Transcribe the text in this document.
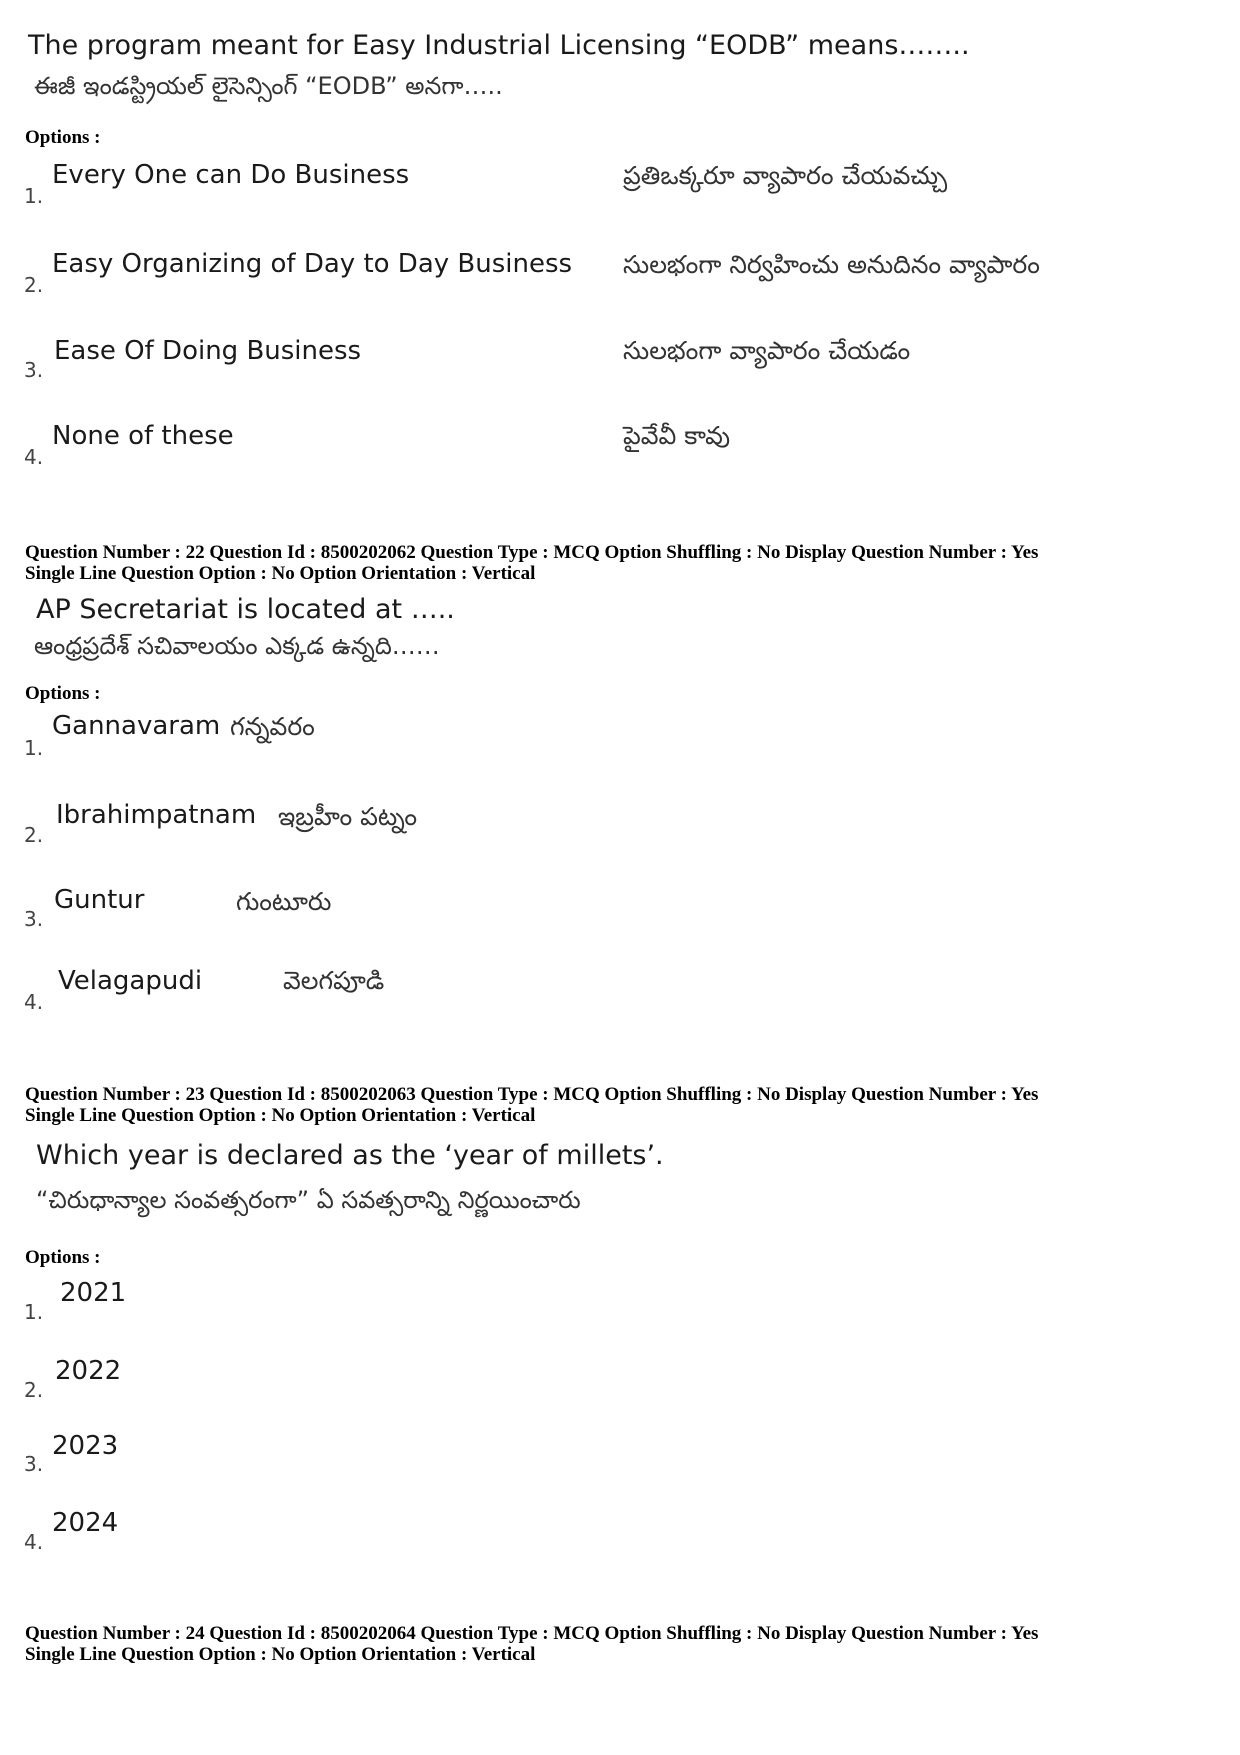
The program meant for Easy Industrial Licensing “EODB” means……..
ఈజీ ఇండస్ట్రియల్ లైసెన్సింగ్ “EODB” అనగా…..
Options :
1.
Every One can Do Business	ప్రతిఒక్కరూ వ్యాపారం చేయవచ్చు
2.
Easy Organizing of Day to Day Business సులభంగా నిర్వహించు అనుదినం వ్యాపారం
3.
Ease Of Doing Business	సులభంగా వ్యాపారం చేయడం
4.
None of these	పైవేవీ కావు
Question Number : 22 Question Id : 8500202062 Question Type : MCQ Option Shuffling : No Display Question Number : Yes
Single Line Question Option : No Option Orientation : Vertical
AP Secretariat is located at …..
ఆంధ్రప్రదేశ్ సచివాలయం ఎక్కడ ఉన్నది……
Options :
1.
Gannavaram గన్నవరం
2.
Ibrahimpatnam ఇబ్రహీం పట్నం
3.
Guntur	గుంటూరు
4.
Velagapudi	వెలగపూడి
Question Number : 23 Question Id : 8500202063 Question Type : MCQ Option Shuffling : No Display Question Number : Yes
Single Line Question Option : No Option Orientation : Vertical
Which year is declared as the ‘year of millets’.
“చిరుధాన్యాల సంవత్సరంగా” ఏ సవత్సరాన్ని నిర్ణయించారు
Options :
1.
2021
2.
2022
3.
2023
4.
2024
Question Number : 24 Question Id : 8500202064 Question Type : MCQ Option Shuffling : No Display Question Number : Yes
Single Line Question Option : No Option Orientation : Vertical
